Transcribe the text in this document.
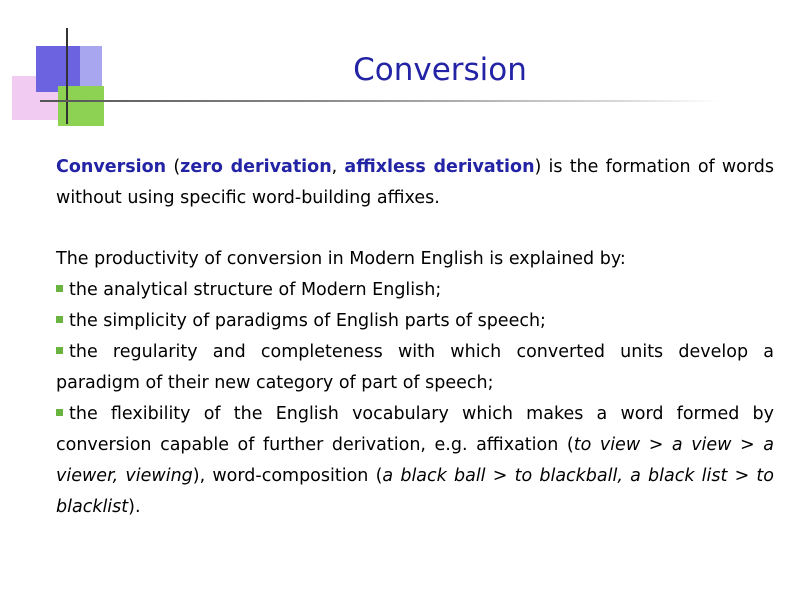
Conversion

Conversion (zero derivation, affixless derivation) is the formation of words without using specific word-building affixes.

The productivity of conversion in Modern English is explained by:

the analytical structure of Modern English;

the simplicity of paradigms of English parts of speech;

the regularity and completeness with which converted units develop a paradigm of their new category of part of speech;

the flexibility of the English vocabulary which makes a word formed by conversion capable of further derivation, e.g. affixation (to view > a view > a viewer, viewing), word-composition (a black ball > to blackball, a black list > to blacklist).
